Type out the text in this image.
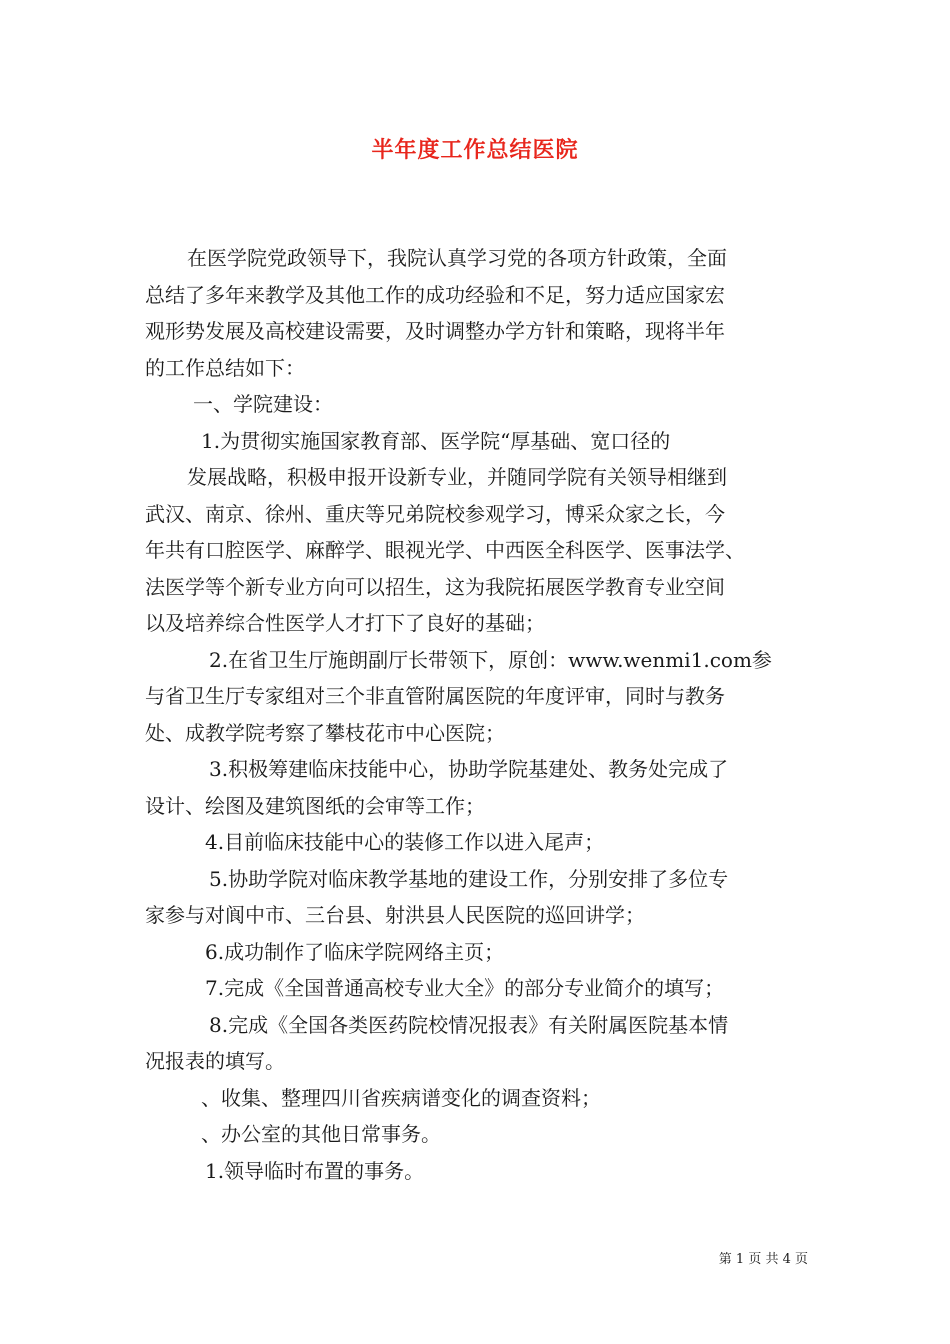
半年度工作总结医院
在医学院党政领导下，我院认真学习党的各项方针政策，全面
总结了多年来教学及其他工作的成功经验和不足，努力适应国家宏
观形势发展及高校建设需要，及时调整办学方针和策略，现将半年
的工作总结如下：
一、学院建设：
1.为贯彻实施国家教育部、医学院“厚基础、宽口径的
发展战略，积极申报开设新专业，并随同学院有关领导相继到
武汉、南京、徐州、重庆等兄弟院校参观学习，博采众家之长，今
年共有口腔医学、麻醉学、眼视光学、中西医全科医学、医事法学、
法医学等个新专业方向可以招生，这为我院拓展医学教育专业空间
以及培养综合性医学人才打下了良好的基础；
2.在省卫生厅施朗副厅长带领下，原创：www.wenmi1.com参
与省卫生厅专家组对三个非直管附属医院的年度评审，同时与教务
处、成教学院考察了攀枝花市中心医院；
3.积极筹建临床技能中心，协助学院基建处、教务处完成了
设计、绘图及建筑图纸的会审等工作；
4.目前临床技能中心的装修工作以进入尾声；
5.协助学院对临床教学基地的建设工作，分别安排了多位专
家参与对阆中市、三台县、射洪县人民医院的巡回讲学；
6.成功制作了临床学院网络主页；
7.完成《全国普通高校专业大全》的部分专业简介的填写；
8.完成《全国各类医药院校情况报表》有关附属医院基本情
况报表的填写。
、收集、整理四川省疾病谱变化的调查资料；
、办公室的其他日常事务。
1.领导临时布置的事务。
第 1 页 共 4 页
